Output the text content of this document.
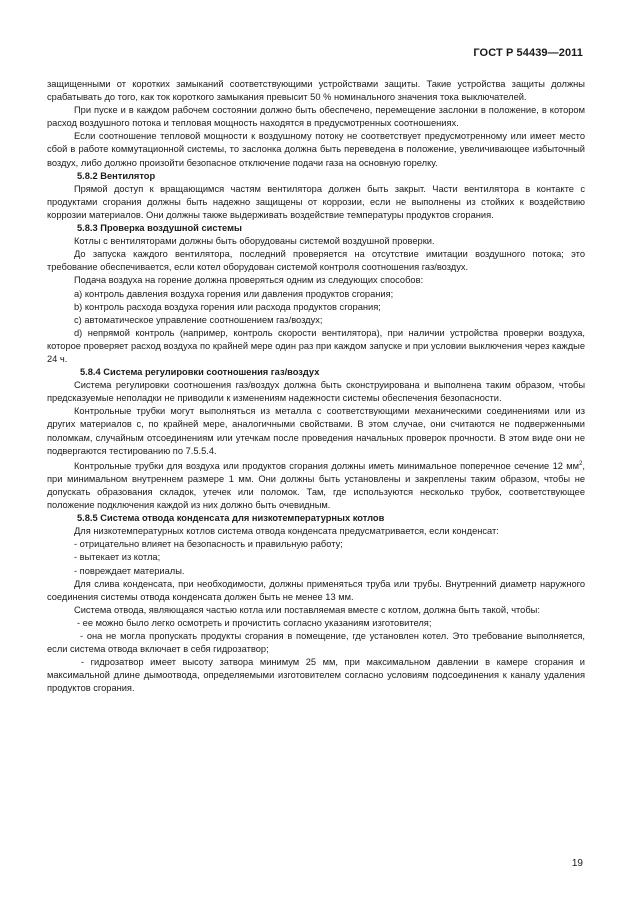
ГОСТ Р 54439—2011

защищенными от коротких замыканий соответствующими устройствами защиты. Такие устройства защиты должны срабатывать до того, как ток короткого замыкания превысит 50 % номинального значения тока выключателей.

При пуске и в каждом рабочем состоянии должно быть обеспечено, перемещение заслонки в положение, в котором расход воздушного потока и тепловая мощность находятся в предусмотренных соотношениях.

Если соотношение тепловой мощности к воздушному потоку не соответствует предусмотренному или имеет место сбой в работе коммутационной системы, то заслонка должна быть переведена в положение, увеличивающее избыточный воздух, либо должно произойти безопасное отключение подачи газа на основную горелку.

5.8.2 Вентилятор

Прямой доступ к вращающимся частям вентилятора должен быть закрыт. Части вентилятора в контакте с продуктами сгорания должны быть надежно защищены от коррозии, если не выполнены из стойких к воздействию коррозии материалов. Они должны также выдерживать воздействие температуры продуктов сгорания.

5.8.3 Проверка воздушной системы

Котлы с вентиляторами должны быть оборудованы системой воздушной проверки.

До запуска каждого вентилятора, последний проверяется на отсутствие имитации воздушного потока; это требование обеспечивается, если котел оборудован системой контроля соотношения газ/воздух.

Подача воздуха на горение должна проверяться одним из следующих способов:

а) контроль давления воздуха горения или давления продуктов сгорания;

b) контроль расхода воздуха горения или расхода продуктов сгорания;

с) автоматическое управление соотношением газ/воздух;

d) непрямой контроль (например, контроль скорости вентилятора), при наличии устройства проверки воздуха, которое проверяет расход воздуха по крайней мере один раз при каждом запуске и при условии выключения через каждые 24 ч.

5.8.4 Система регулировки соотношения газ/воздух

Система регулировки соотношения газ/воздух должна быть сконструирована и выполнена таким образом, чтобы предсказуемые неполадки не приводили к изменениям надежности системы обеспечения безопасности.

Контрольные трубки могут выполняться из металла с соответствующими механическими соединениями или из других материалов с, по крайней мере, аналогичными свойствами. В этом случае, они считаются не подверженными поломкам, случайным отсоединениям или утечкам после проведения начальных проверок прочности. В этом виде они не подвергаются тестированию по 7.5.5.4.

Контрольные трубки для воздуха или продуктов сгорания должны иметь минимальное поперечное сечение 12 $мм^2$, при минимальном внутреннем размере 1 мм. Они должны быть установлены и закреплены таким образом, чтобы не допускать образования складок, утечек или поломок. Там, где используются несколько трубок, соответствующее положение подключения каждой из них должно быть очевидным.

5.8.5 Система отвода конденсата для низкотемпературных котлов

Для низкотемпературных котлов система отвода конденсата предусматривается, если конденсат:

- отрицательно влияет на безопасность и правильную работу;

- вытекает из котла;

- повреждает материалы.

Для слива конденсата, при необходимости, должны применяться труба или трубы. Внутренний диаметр наружного соединения системы отвода конденсата должен быть не менее 13 мм.

Система отвода, являющаяся частью котла или поставляемая вместе с котлом, должна быть такой, чтобы:

- ее можно было легко осмотреть и прочистить согласно указаниям изготовителя;

- она не могла пропускать продукты сгорания в помещение, где установлен котел. Это требование выполняется, если система отвода включает в себя гидрозатвор;

- гидрозатвор имеет высоту затвора минимум 25 мм, при максимальном давлении в камере сгорания и максимальной длине дымоотвода, определяемыми изготовителем согласно условиям подсоединения к каналу удаления продуктов сгорания.

19
